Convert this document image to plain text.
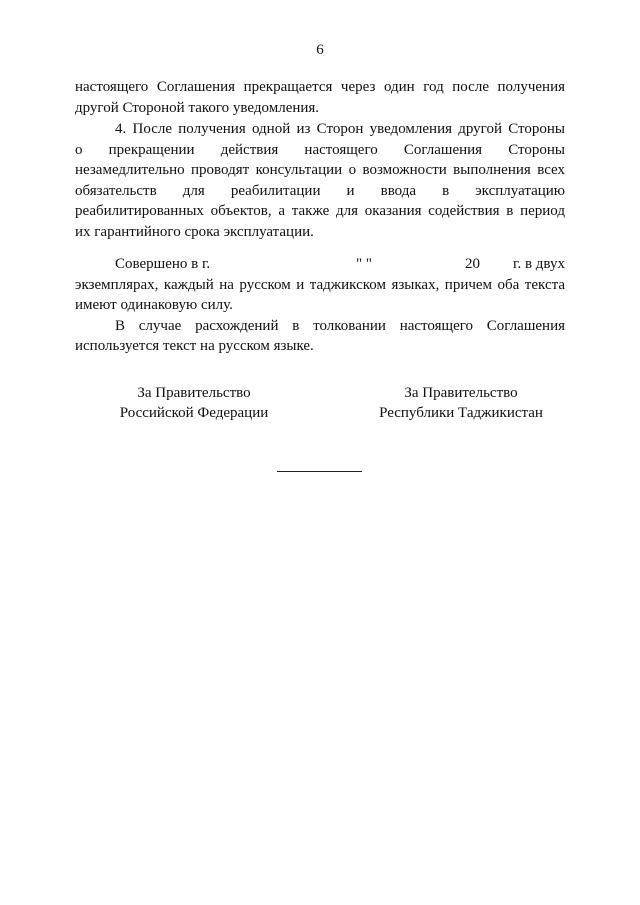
6
настоящего Соглашения прекращается через один год после получения
другой Стороной такого уведомления.
4. После получения одной из Сторон уведомления другой Стороны
о прекращении действия настоящего Соглашения Стороны
незамедлительно проводят консультации о возможности выполнения всех
обязательств для реабилитации и ввода в эксплуатацию
реабилитированных объектов, а также для оказания содействия в период
их гарантийного срока эксплуатации.
Совершено в г.	" "	20	г. в двух
экземплярах, каждый на русском и таджикском языках, причем оба текста
имеют одинаковую силу.
В случае расхождений в толковании настоящего Соглашения
используется текст на русском языке.
За Правительство
Российской Федерации
За Правительство
Республики Таджикистан
